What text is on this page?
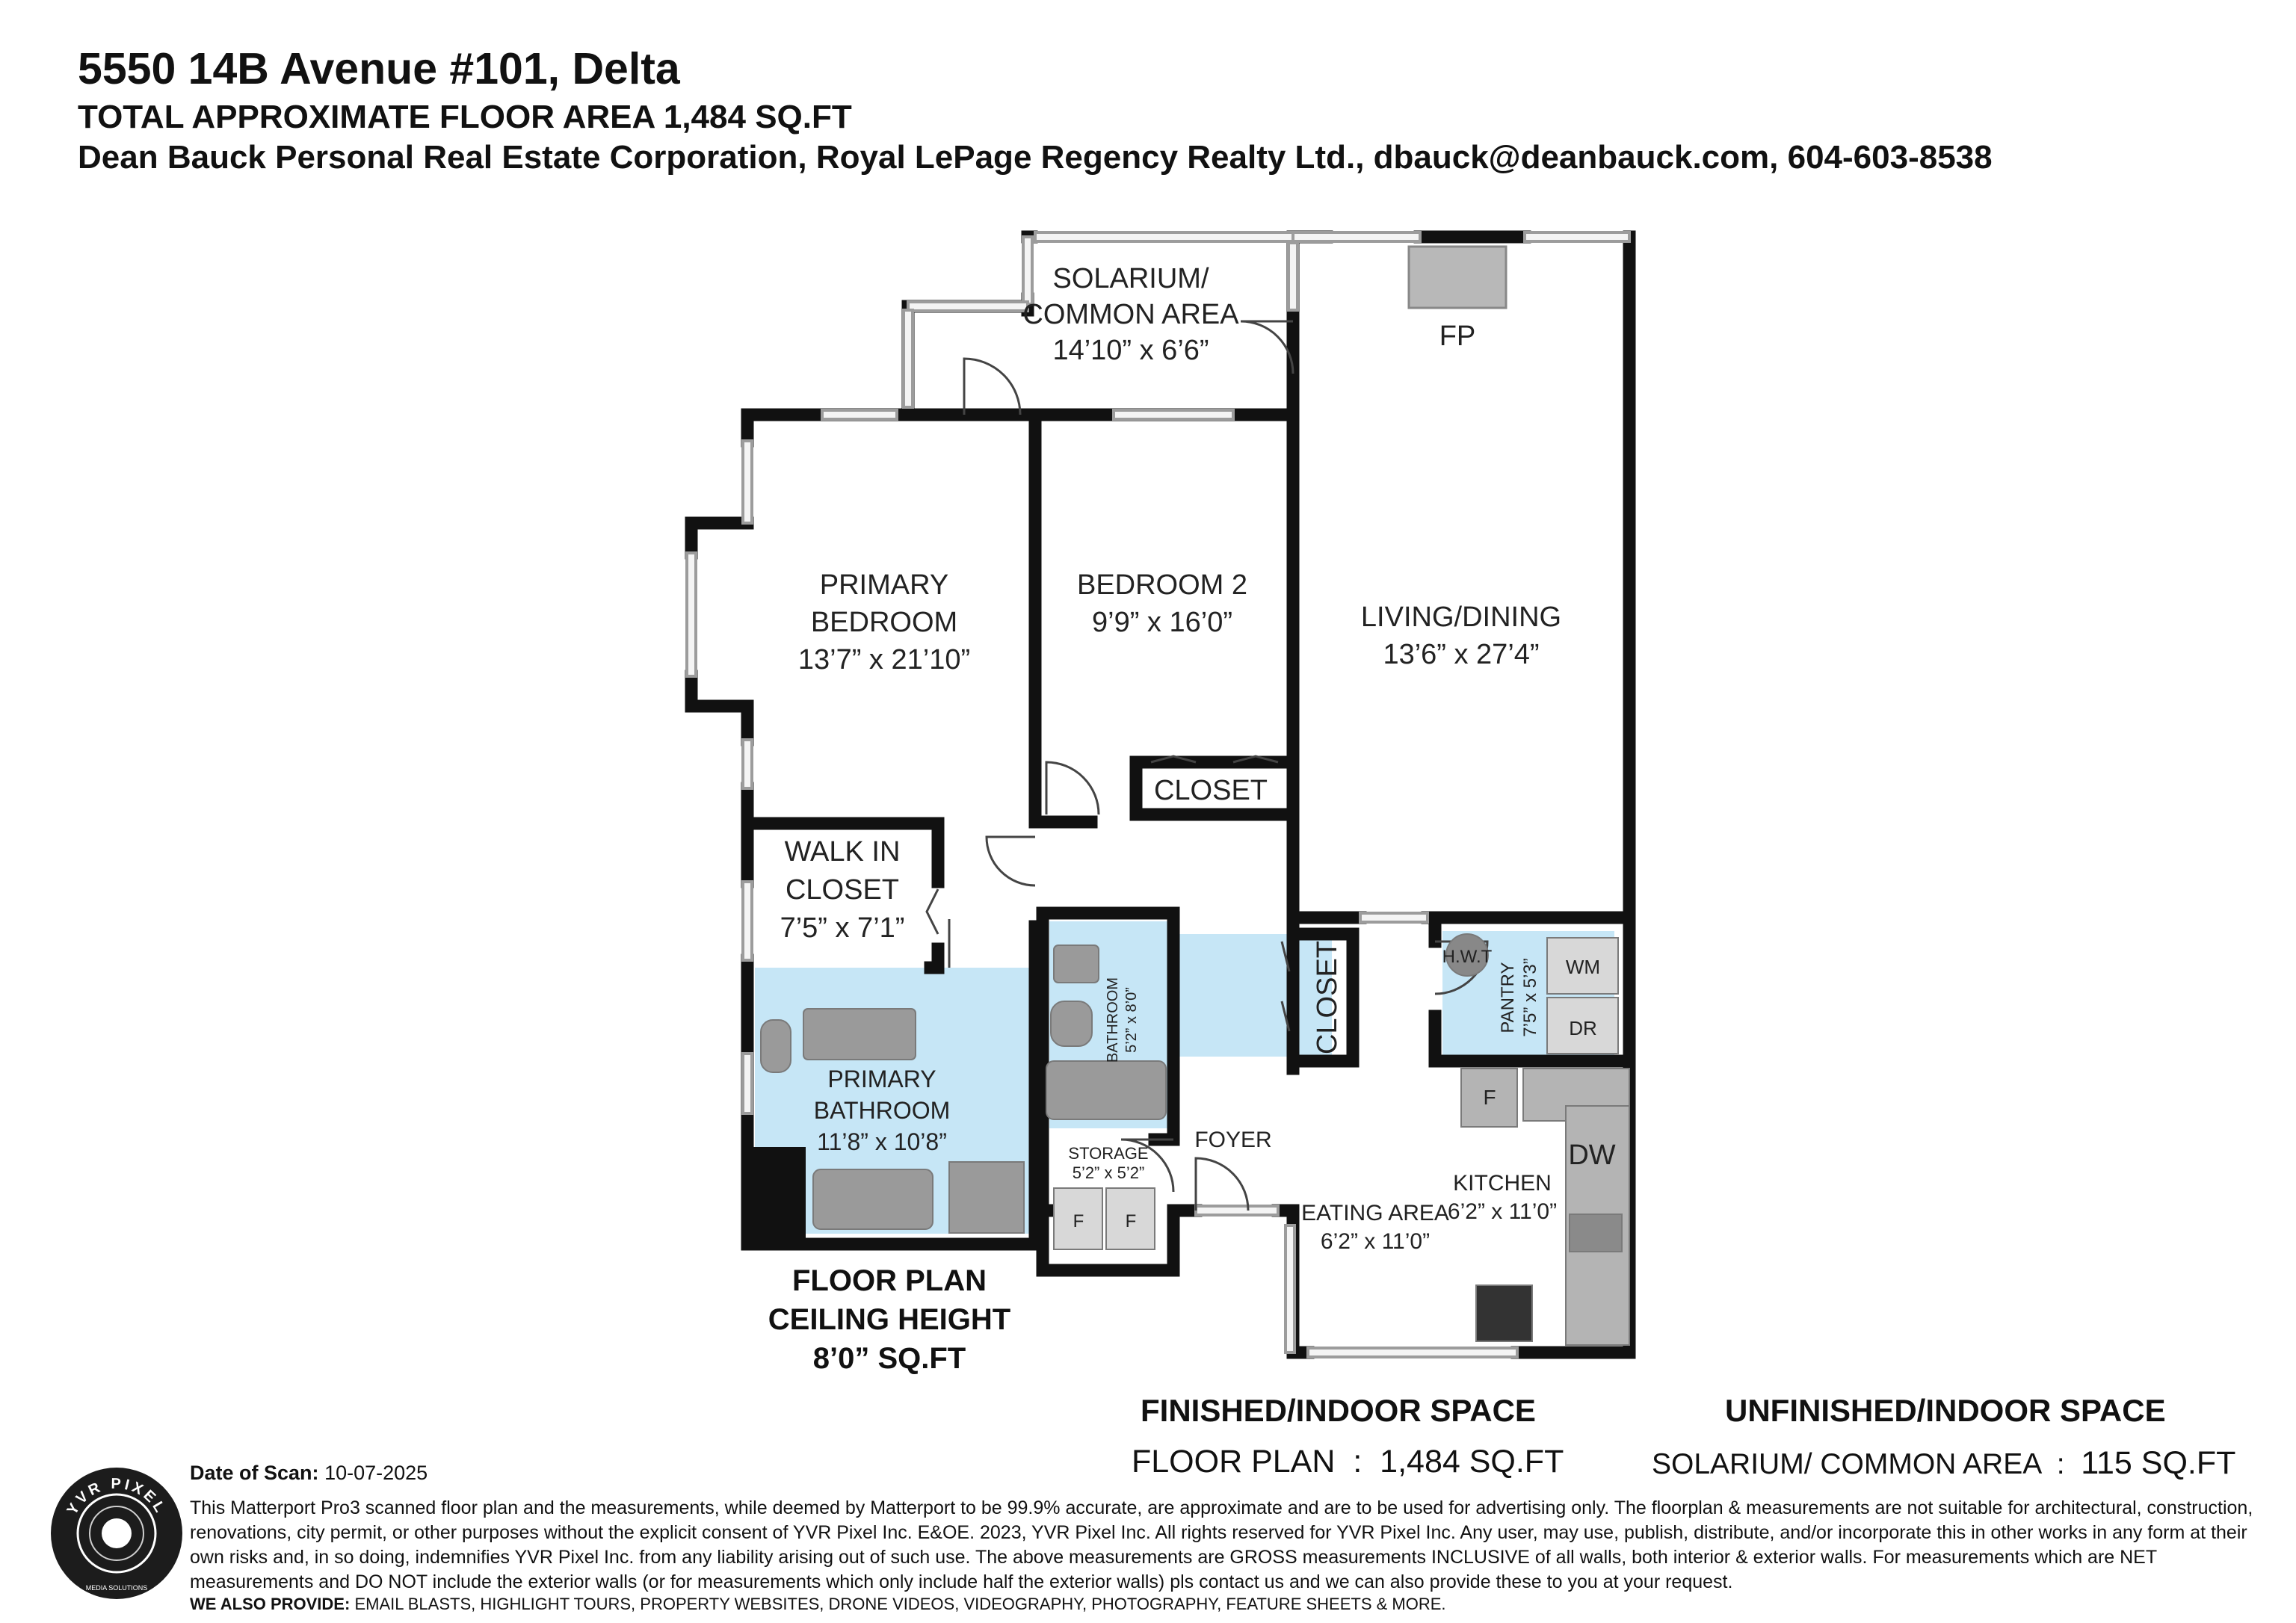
5550 14B Avenue #101, Delta
TOTAL APPROXIMATE FLOOR AREA 1,484 SQ.FT
Dean Bauck Personal Real Estate Corporation, Royal LePage Regency Realty Ltd., dbauck@deanbauck.com, 604-603-8538
SOLARIUM/
COMMON AREA
14’10” x 6’6”	FP
PRIMARY
BEDROOM
13’7” x 21’10”
BEDROOM 2
9’9” x 16’0”	LIVING/DINING
13’6” x 27’4”
CLOSET
WALK IN
CLOSET
7’5” x 7’1”
CLOSET	H.W.T
PANTRY 7’5” x 5’3” WM
DR
BATHROOM 5’2” x 8’0”
PRIMARY
BATHROOM
11’8” x 10’8”	STORAGE
5’2” x 5’2”
F F
FOYER
F
DW
KITCHEN
6’2” x 11’0”
EATING AREA
6’2” x 11’0”
FLOOR PLAN
CEILING HEIGHT
8’0” SQ.FT
FINISHED/INDOOR SPACE
FLOOR PLAN : 1,484 SQ.FT
UNFINISHED/INDOOR SPACE
SOLARIUM/ COMMON AREA : 115 SQ.FT
YVR PIXEL
MEDIA SOLUTIONS
Date of Scan: 10-07-2025
This Matterport Pro3 scanned floor plan and the measurements, while deemed by Matterport to be 99.9% accurate, are approximate and are to be used for advertising only. The floorplan & measurements are not suitable for architectural, construction, renovations, city permit, or other purposes without the explicit consent of YVR Pixel Inc. E&OE. 2023, YVR Pixel Inc. All rights reserved for YVR Pixel Inc. Any user, may use, publish, distribute, and/or incorporate this in other works in any form at their own risks and, in so doing, indemnifies YVR Pixel Inc. from any liability arising out of such use. The above measurements are GROSS measurements INCLUSIVE of all walls, both interior & exterior walls. For measurements which are NET measurements and DO NOT include the exterior walls (or for measurements which only include half the exterior walls) pls contact us and we can also provide these to you at your request.
WE ALSO PROVIDE: EMAIL BLASTS, HIGHLIGHT TOURS, PROPERTY WEBSITES, DRONE VIDEOS, VIDEOGRAPHY, PHOTOGRAPHY, FEATURE SHEETS & MORE.
